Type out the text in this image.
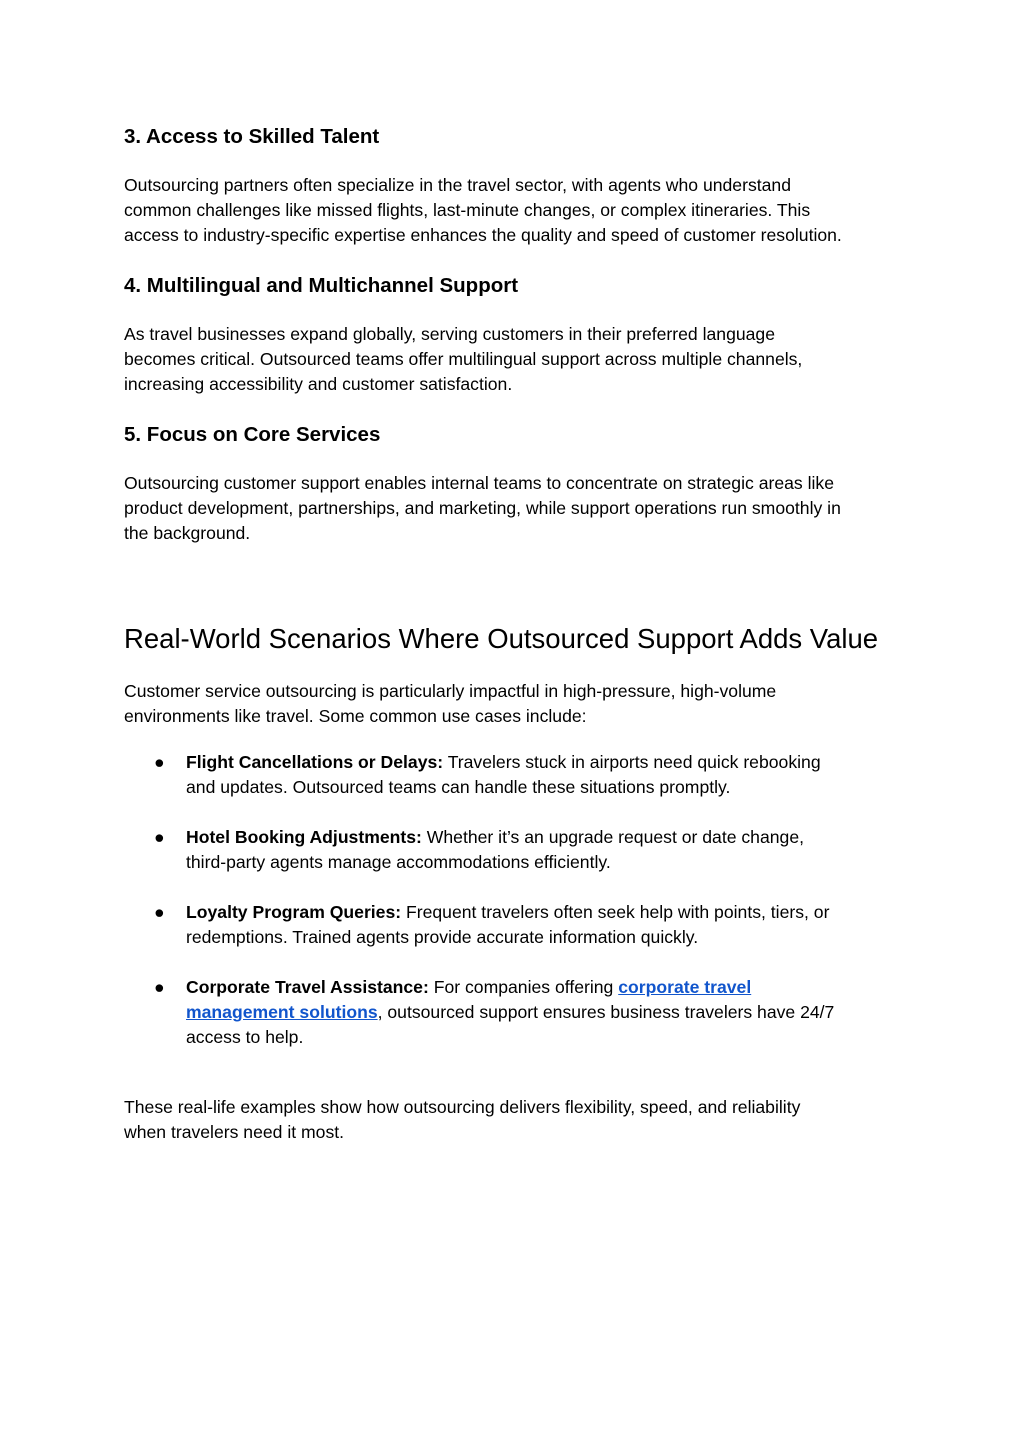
3. Access to Skilled Talent

Outsourcing partners often specialize in the travel sector, with agents who understand
common challenges like missed flights, last-minute changes, or complex itineraries. This
access to industry-specific expertise enhances the quality and speed of customer resolution.

4. Multilingual and Multichannel Support

As travel businesses expand globally, serving customers in their preferred language
becomes critical. Outsourced teams offer multilingual support across multiple channels,
increasing accessibility and customer satisfaction.

5. Focus on Core Services

Outsourcing customer support enables internal teams to concentrate on strategic areas like
product development, partnerships, and marketing, while support operations run smoothly in
the background.

Real-World Scenarios Where Outsourced Support Adds Value

Customer service outsourcing is particularly impactful in high-pressure, high-volume
environments like travel. Some common use cases include:

●	Flight Cancellations or Delays: Travelers stuck in airports need quick rebooking
and updates. Outsourced teams can handle these situations promptly.
●	Hotel Booking Adjustments: Whether it’s an upgrade request or date change,
third-party agents manage accommodations efficiently.
●	Loyalty Program Queries: Frequent travelers often seek help with points, tiers, or
redemptions. Trained agents provide accurate information quickly.
●	Corporate Travel Assistance: For companies offering corporate travel
management solutions, outsourced support ensures business travelers have 24/7
access to help.

These real-life examples show how outsourcing delivers flexibility, speed, and reliability
when travelers need it most.
